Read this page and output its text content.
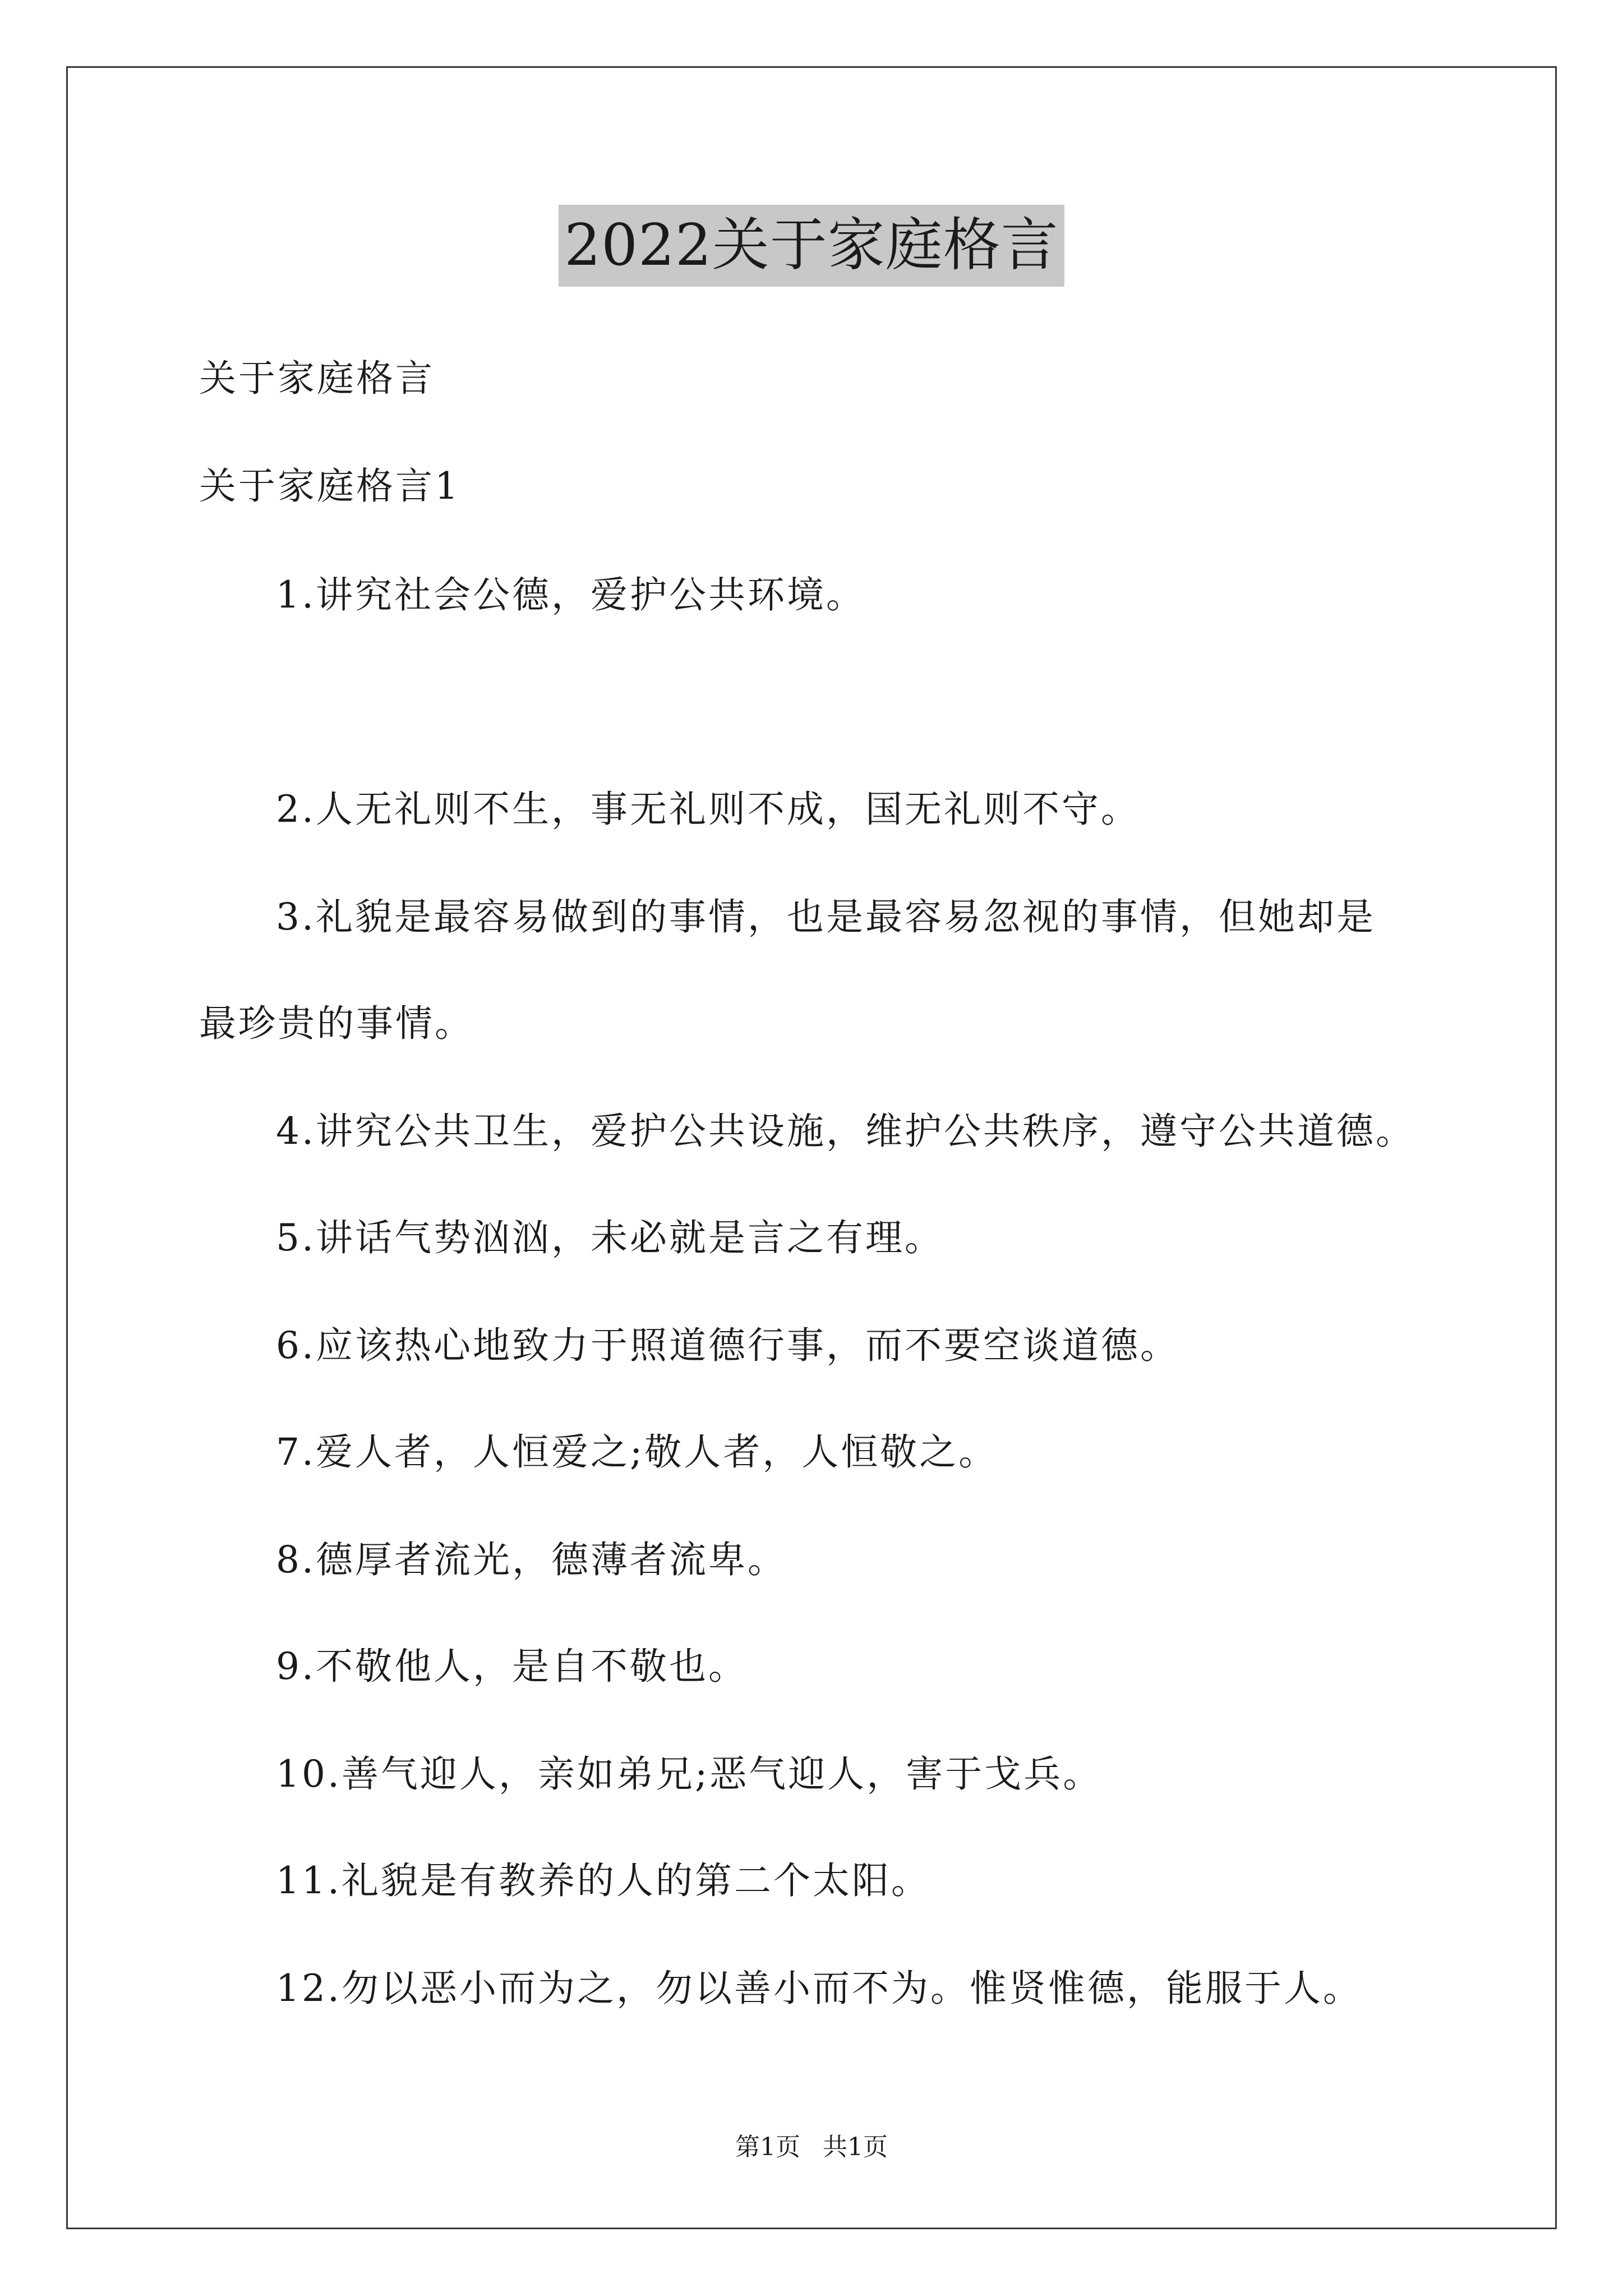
2022关于家庭格言
关于家庭格言
关于家庭格言1
1.讲究社会公德，爱护公共环境。
2.人无礼则不生，事无礼则不成，国无礼则不守。
3.礼貌是最容易做到的事情，也是最容易忽视的事情，但她却是
最珍贵的事情。
4.讲究公共卫生，爱护公共设施，维护公共秩序，遵守公共道德。
5.讲话气势汹汹，未必就是言之有理。
6.应该热心地致力于照道德行事，而不要空谈道德。
7.爱人者，人恒爱之;敬人者，人恒敬之。
8.德厚者流光，德薄者流卑。
9.不敬他人，是自不敬也。
10.善气迎人，亲如弟兄;恶气迎人，害于戈兵。
11.礼貌是有教养的人的第二个太阳。
12.勿以恶小而为之，勿以善小而不为。惟贤惟德，能服于人。
第1页 共1页
